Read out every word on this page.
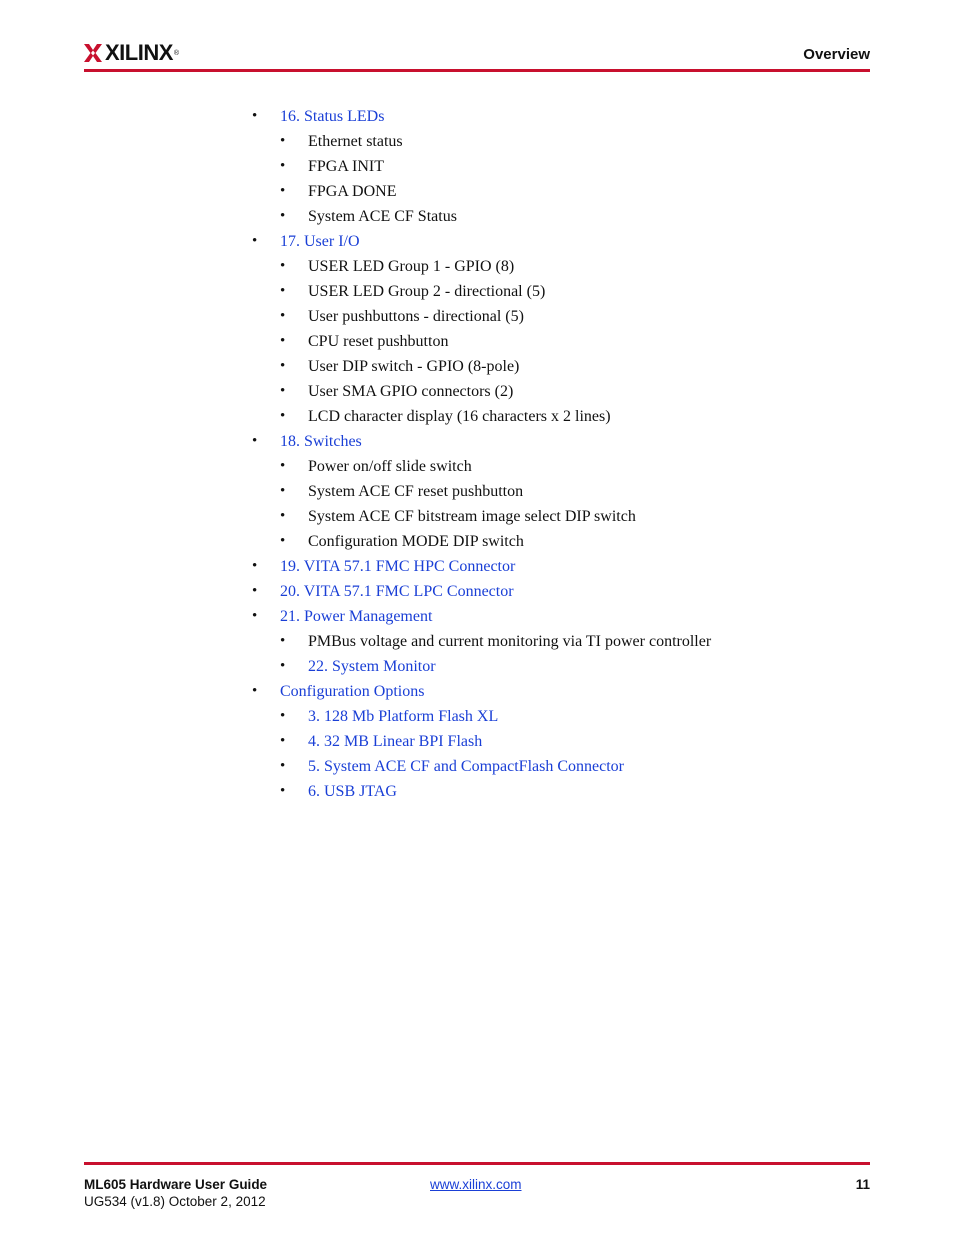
XILINX ®	Overview
• 16. Status LEDs
• Ethernet status
• FPGA INIT
• FPGA DONE
• System ACE CF Status
• 17. User I/O
• USER LED Group 1 - GPIO (8)
• USER LED Group 2 - directional (5)
• User pushbuttons - directional (5)
• CPU reset pushbutton
• User DIP switch - GPIO (8-pole)
• User SMA GPIO connectors (2)
• LCD character display (16 characters x 2 lines)
• 18. Switches
• Power on/off slide switch
• System ACE CF reset pushbutton
• System ACE CF bitstream image select DIP switch
• Configuration MODE DIP switch
• 19. VITA 57.1 FMC HPC Connector
• 20. VITA 57.1 FMC LPC Connector
• 21. Power Management
• PMBus voltage and current monitoring via TI power controller
• 22. System Monitor
• Configuration Options
• 3. 128 Mb Platform Flash XL
• 4. 32 MB Linear BPI Flash
• 5. System ACE CF and CompactFlash Connector
• 6. USB JTAG
ML605 Hardware User Guide
UG534 (v1.8) October 2, 2012
www.xilinx.com	11
